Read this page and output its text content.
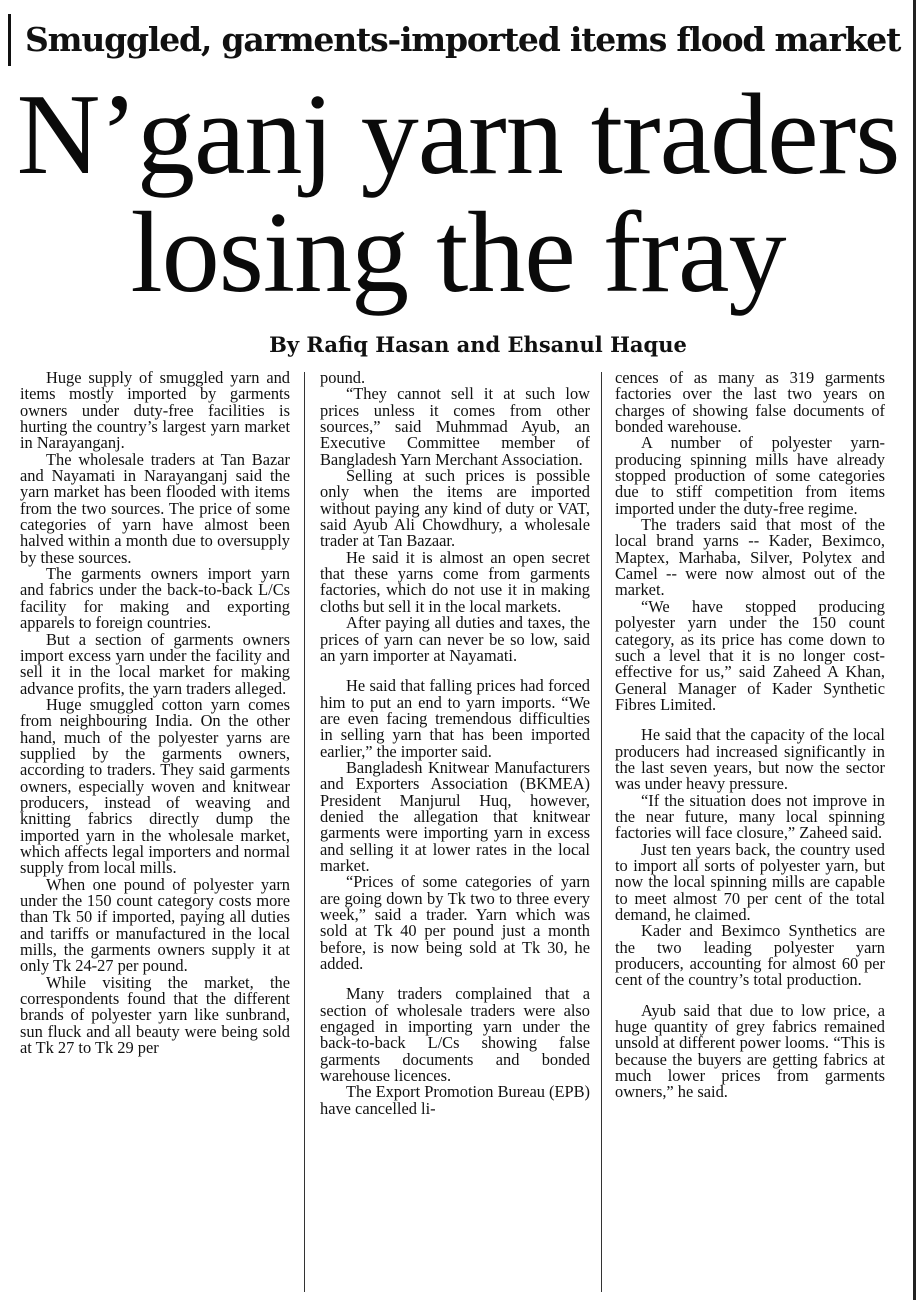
Smuggled, garments-imported items flood market
N’ganj yarn traders
losing the fray
By Rafiq Hasan and Ehsanul Haque

Huge supply of smuggled yarn and items mostly imported by garments owners under duty-free facilities is hurting the country’s largest yarn market in Narayanganj.

The wholesale traders at Tan Bazar and Nayamati in Narayanganj said the yarn market has been flooded with items from the two sources. The price of some categories of yarn have almost been halved within a month due to oversupply by these sources.

The garments owners import yarn and fabrics under the back-to-back L/Cs facility for making and exporting apparels to foreign countries.

But a section of garments owners import excess yarn under the facility and sell it in the local market for making advance profits, the yarn traders alleged.

Huge smuggled cotton yarn comes from neighbouring India. On the other hand, much of the polyester yarns are supplied by the garments owners, according to traders. They said garments owners, especially woven and knitwear producers, instead of weaving and knitting fabrics directly dump the imported yarn in the wholesale market, which affects legal importers and normal supply from local mills.

When one pound of polyester yarn under the 150 count category costs more than Tk 50 if imported, paying all duties and tariffs or manufactured in the local mills, the garments owners supply it at only Tk 24-27 per pound.

While visiting the market, the correspondents found that the different brands of polyester yarn like sunbrand, sun fluck and all beauty were being sold at Tk 27 to Tk 29 per

pound.

“They cannot sell it at such low prices unless it comes from other sources,” said Muhmmad Ayub, an Executive Committee member of Bangladesh Yarn Merchant Association.

Selling at such prices is possible only when the items are imported without paying any kind of duty or VAT, said Ayub Ali Chowdhury, a wholesale trader at Tan Bazaar.

He said it is almost an open secret that these yarns come from garments factories, which do not use it in making cloths but sell it in the local markets.

After paying all duties and taxes, the prices of yarn can never be so low, said an yarn importer at Nayamati.

He said that falling prices had forced him to put an end to yarn imports. “We are even facing tremendous difficulties in selling yarn that has been imported earlier,” the importer said.

Bangladesh Knitwear Manufacturers and Exporters Association (BKMEA) President Manjurul Huq, however, denied the allegation that knitwear garments were importing yarn in excess and selling it at lower rates in the local market.

“Prices of some categories of yarn are going down by Tk two to three every week,” said a trader. Yarn which was sold at Tk 40 per pound just a month before, is now being sold at Tk 30, he added.

Many traders complained that a section of wholesale traders were also engaged in importing yarn under the back-to-back L/Cs showing false garments documents and bonded warehouse licences.

The Export Promotion Bureau (EPB) have cancelled li-

cences of as many as 319 garments factories over the last two years on charges of showing false documents of bonded warehouse.

A number of polyester yarn-producing spinning mills have already stopped production of some categories due to stiff competition from items imported under the duty-free regime.

The traders said that most of the local brand yarns -- Kader, Beximco, Maptex, Marhaba, Silver, Polytex and Camel -- were now almost out of the market.

“We have stopped producing polyester yarn under the 150 count category, as its price has come down to such a level that it is no longer cost-effective for us,” said Zaheed A Khan, General Manager of Kader Synthetic Fibres Limited.

He said that the capacity of the local producers had increased significantly in the last seven years, but now the sector was under heavy pressure.

“If the situation does not improve in the near future, many local spinning factories will face closure,” Zaheed said.

Just ten years back, the country used to import all sorts of polyester yarn, but now the local spinning mills are capable to meet almost 70 per cent of the total demand, he claimed.

Kader and Beximco Synthetics are the two leading polyester yarn producers, accounting for almost 60 per cent of the country’s total production.

Ayub said that due to low price, a huge quantity of grey fabrics remained unsold at different power looms. “This is because the buyers are getting fabrics at much lower prices from garments owners,” he said.
